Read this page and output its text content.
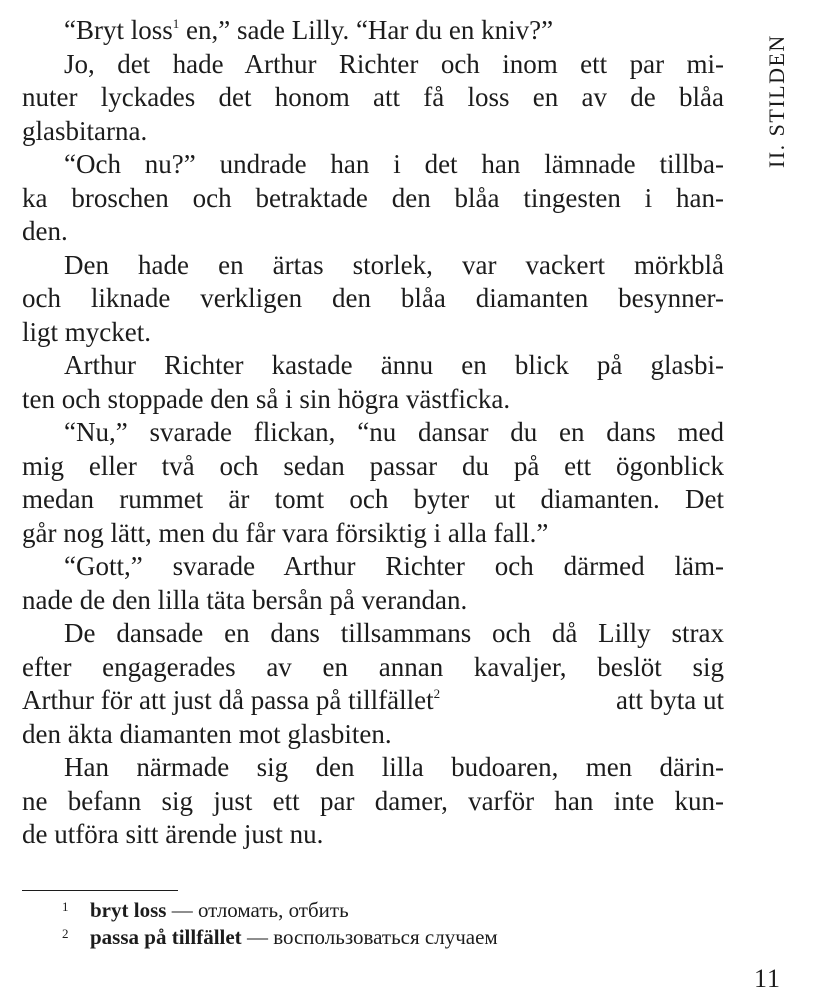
II. STILDEN
“Bryt loss$^1$ en,” sade Lilly. “Har du en kniv?”
Jo, det hade Arthur Richter och inom ett par mi-
nuter lyckades det honom att få loss en av de blåa
glasbitarna.
“Och nu?” undrade han i det han lämnade tillba-
ka broschen och betraktade den blåa tingesten i han-
den.
Den hade en ärtas storlek, var vackert mörkblå
och liknade verkligen den blåa diamanten besynner-
ligt mycket.
Arthur Richter kastade ännu en blick på glasbi-
ten och stoppade den så i sin högra västficka.
“Nu,” svarade flickan, “nu dansar du en dans med
mig eller två och sedan passar du på ett ögonblick
medan rummet är tomt och byter ut diamanten. Det
går nog lätt, men du får vara försiktig i alla fall.”
“Gott,” svarade Arthur Richter och därmed läm-
nade de den lilla täta bersån på verandan.
De dansade en dans tillsammans och då Lilly strax
efter engagerades av en annan kavaljer, beslöt sig
Arthur för att just då passa på tillfället$^2$	att byta ut
den äkta diamanten mot glasbiten.
Han närmade sig den lilla budoaren, men därin-
ne befann sig just ett par damer, varför han inte kun-
de utföra sitt ärende just nu.
1 bryt loss — отломать, отбить
2 passa på tillfället — воспользоваться случаем
11
